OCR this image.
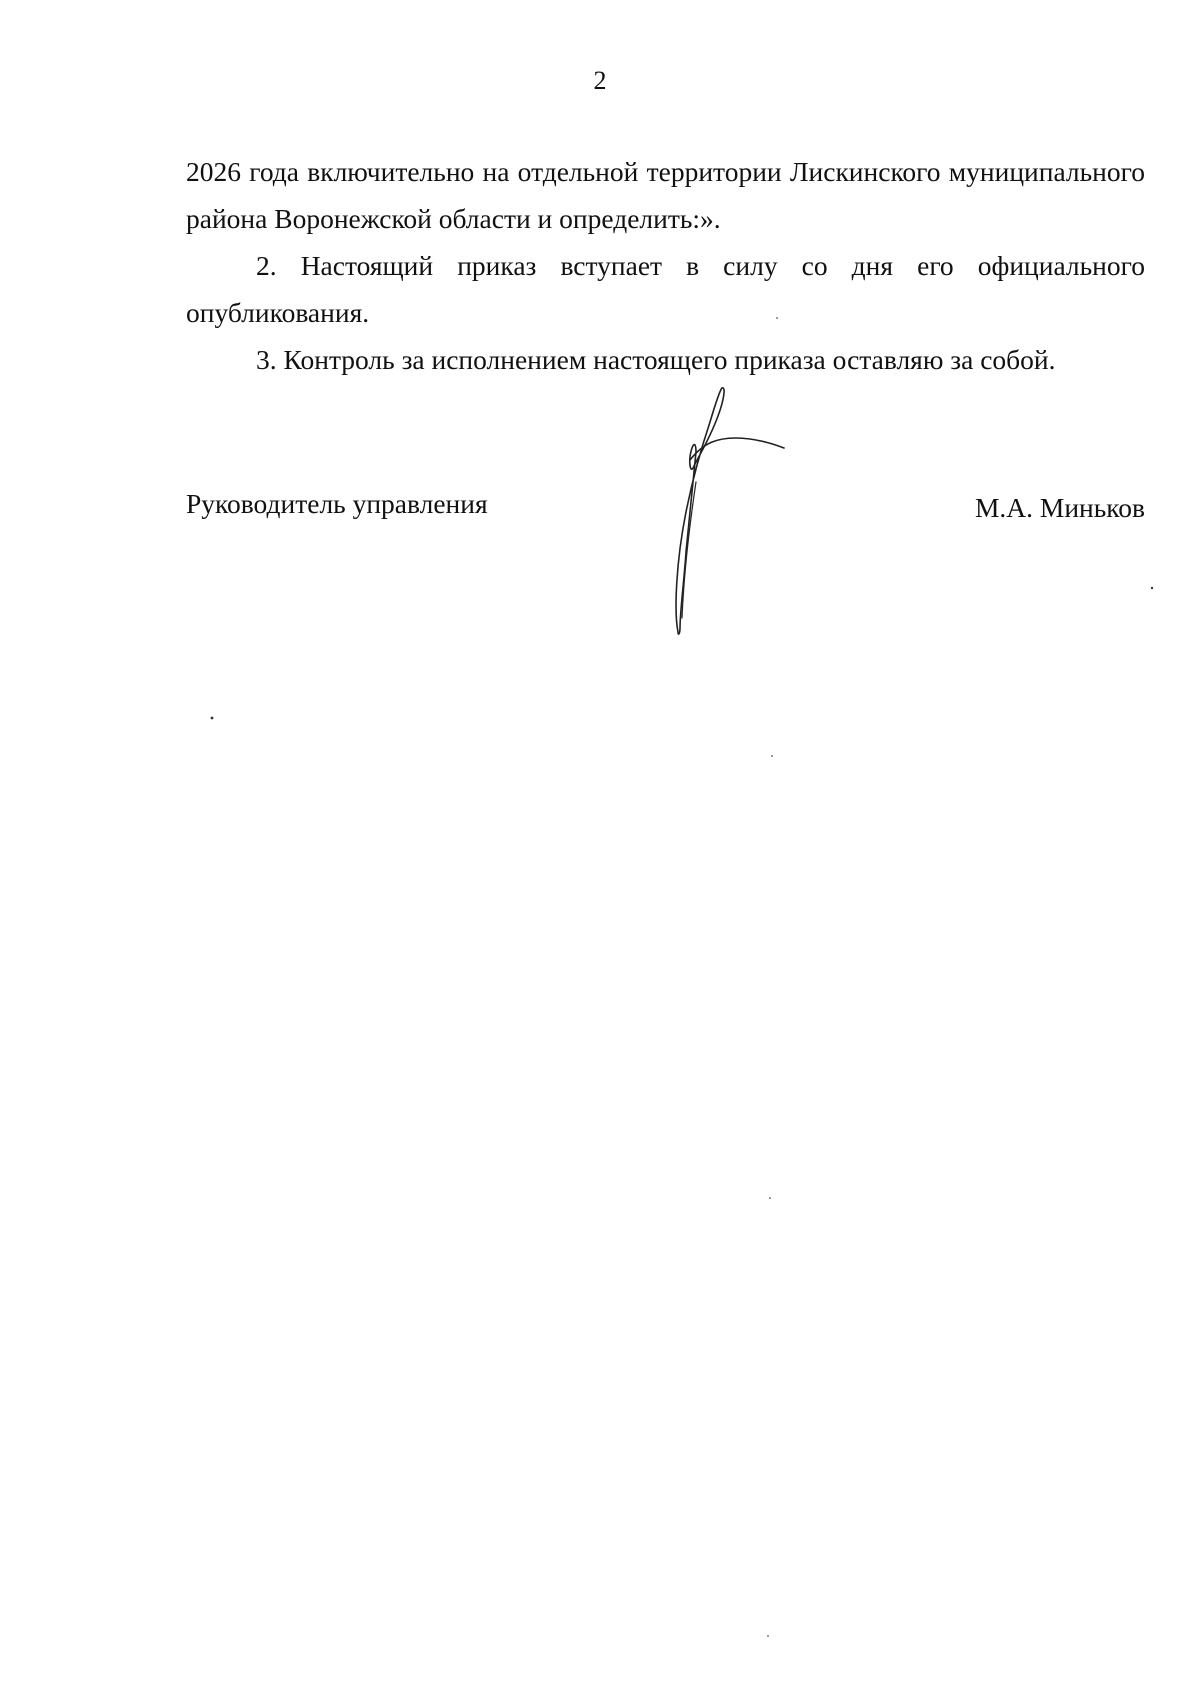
2

2026 года включительно на отдельной территории Лискинского муниципального района Воронежской области и определить:».

2. Настоящий приказ вступает в силу со дня его официального опубликования.

3. Контроль за исполнением настоящего приказа оставляю за собой.

Руководитель управления	М.А. Миньков
